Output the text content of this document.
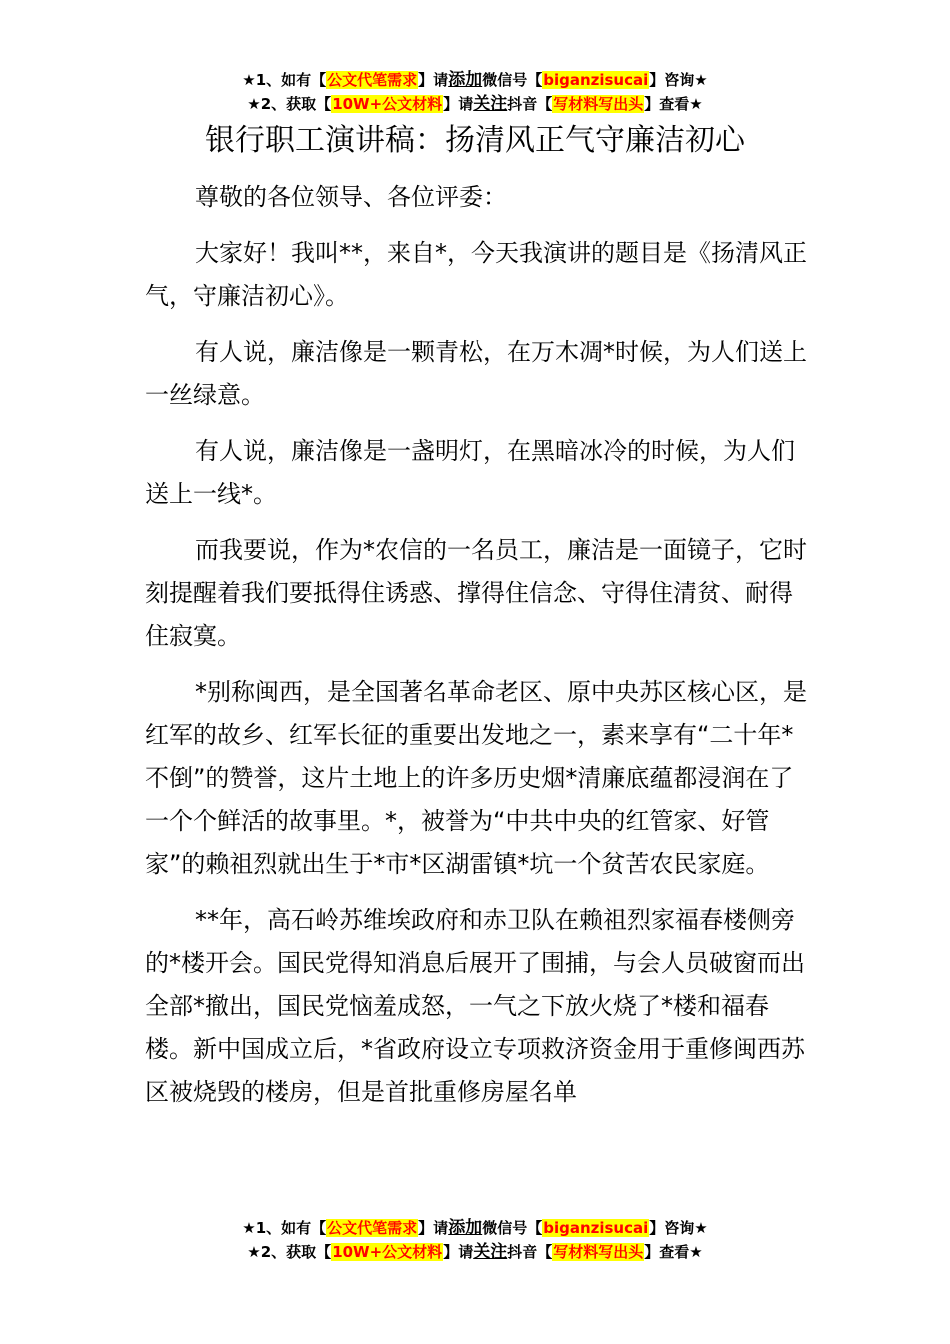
★1、如有【公文代笔需求】请添加微信号【biganzisucai】咨询★
★2、获取【10W+公文材料】请关注抖音【写材料写出头】查看★
银行职工演讲稿：扬清风正气守廉洁初心

尊敬的各位领导、各位评委：

大家好！我叫**，来自*，今天我演讲的题目是《扬清风正气，守廉洁初心》。

有人说，廉洁像是一颗青松，在万木凋*时候，为人们送上一丝绿意。

有人说，廉洁像是一盏明灯，在黑暗冰冷的时候，为人们送上一线*。

而我要说，作为*农信的一名员工，廉洁是一面镜子，它时刻提醒着我们要抵得住诱惑、撑得住信念、守得住清贫、耐得住寂寞。

*别称闽西，是全国著名革命老区、原中央苏区核心区，是红军的故乡、红军长征的重要出发地之一，素来享有“二十年*不倒”的赞誉，这片土地上的许多历史烟*清廉底蕴都浸润在了一个个鲜活的故事里。*，被誉为“中共中央的红管家、好管家”的赖祖烈就出生于*市*区湖雷镇*坑一个贫苦农民家庭。

**年，高石岭苏维埃政府和赤卫队在赖祖烈家福春楼侧旁的*楼开会。国民党得知消息后展开了围捕，与会人员破窗而出全部*撤出，国民党恼羞成怒，一气之下放火烧了*楼和福春楼。新中国成立后，*省政府设立专项救济资金用于重修闽西苏区被烧毁的楼房，但是首批重修房屋名单

★1、如有【公文代笔需求】请添加微信号【biganzisucai】咨询★
★2、获取【10W+公文材料】请关注抖音【写材料写出头】查看★
